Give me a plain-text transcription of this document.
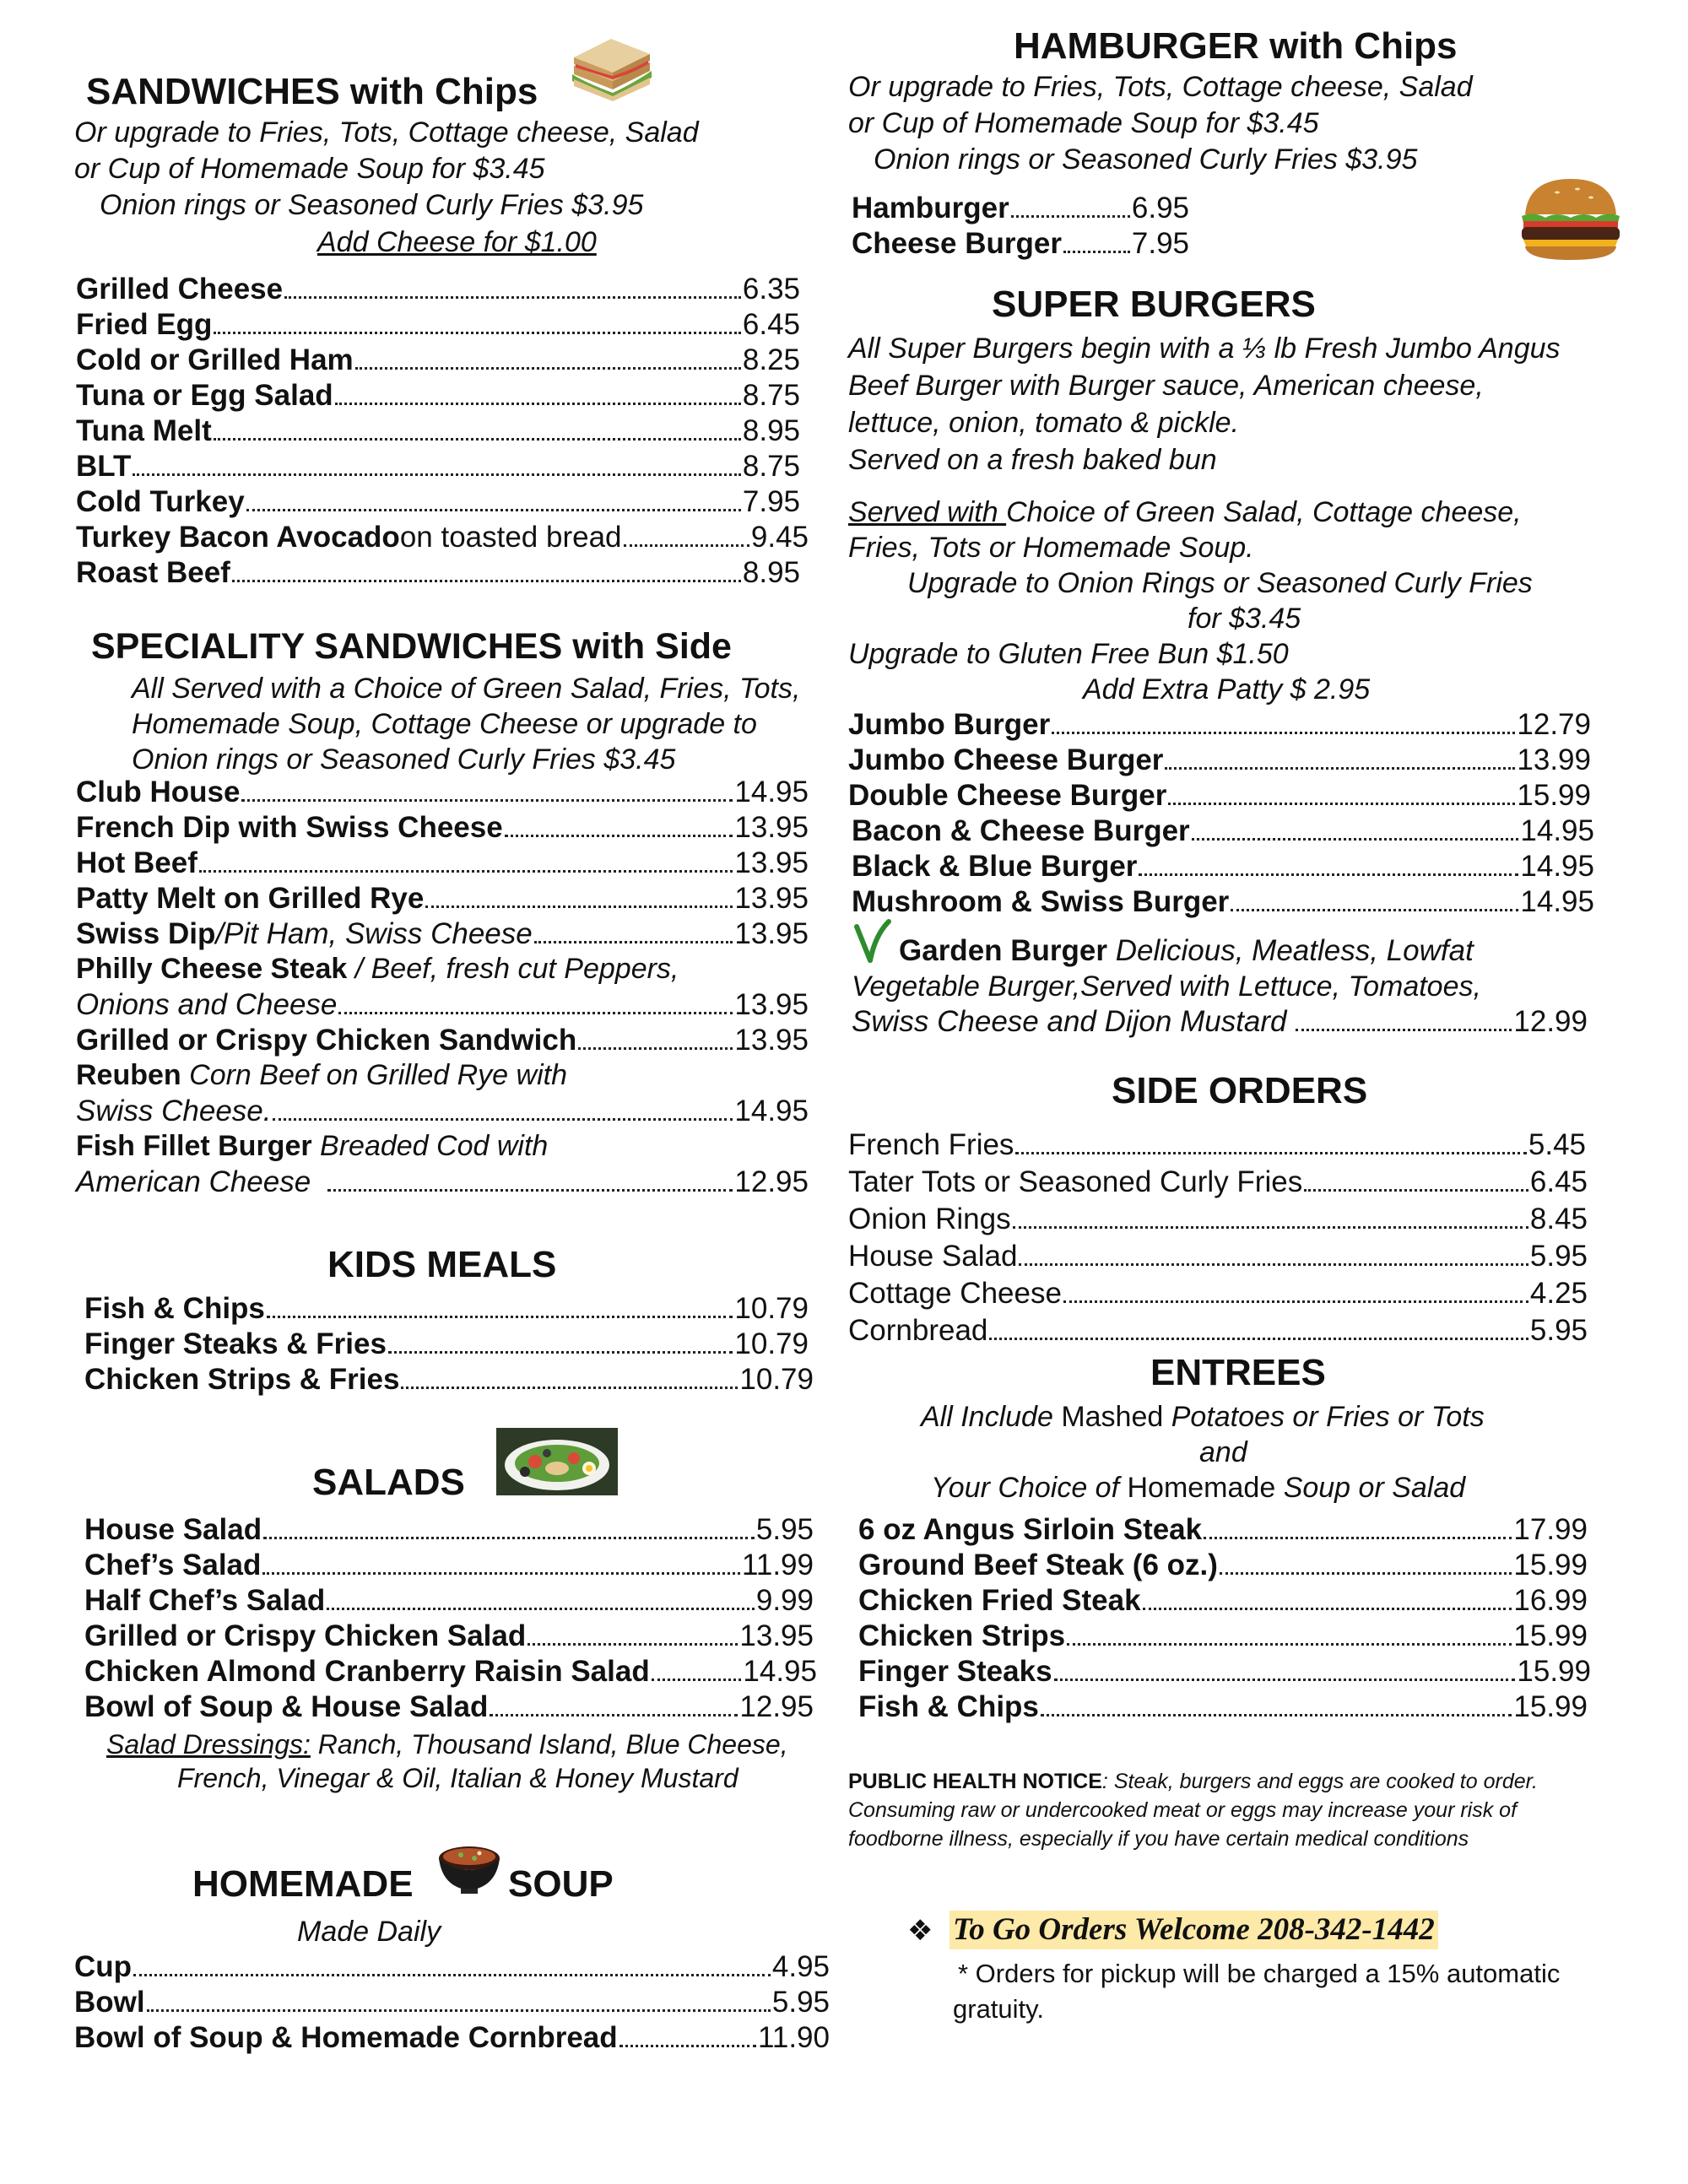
SANDWICHES with Chips
Or upgrade to Fries, Tots, Cottage cheese, Salad
or Cup of Homemade Soup for $3.45
Onion rings or Seasoned Curly Fries $3.95
Add Cheese for $1.00
Grilled Cheese	6.35
Fried Egg	6.45
Cold or Grilled Ham	8.25
Tuna or Egg Salad	8.75
Tuna Melt	8.95
BLT	8.75
Cold Turkey	7.95
Turkey Bacon Avocado on toasted bread	9.45
Roast Beef	8.95
SPECIALITY SANDWICHES with Side
All Served with a Choice of Green Salad, Fries, Tots,
Homemade Soup, Cottage Cheese or upgrade to
Onion rings or Seasoned Curly Fries $3.45
Club House	14.95
French Dip with Swiss Cheese	13.95
Hot Beef	13.95
Patty Melt on Grilled Rye	13.95
Swiss Dip /Pit Ham, Swiss Cheese	13.95
Philly Cheese Steak / Beef, fresh cut Peppers,
Onions and Cheese	13.95
Grilled or Crispy Chicken Sandwich	13.95
Reuben Corn Beef on Grilled Rye with
Swiss Cheese.	14.95
Fish Fillet Burger Breaded Cod with
American Cheese	12.95
KIDS MEALS
Fish & Chips	10.79
Finger Steaks & Fries	10.79
Chicken Strips & Fries	10.79
SALADS
House Salad	5.95
Chef’s Salad	11.99
Half Chef’s Salad	9.99
Grilled or Crispy Chicken Salad	13.95
Chicken Almond Cranberry Raisin Salad	14.95
Bowl of Soup & House Salad	12.95
Salad Dressings: Ranch, Thousand Island, Blue Cheese,
French, Vinegar & Oil, Italian & Honey Mustard
HOMEMADE	SOUP
Made Daily
Cup	4.95
Bowl	5.95
Bowl of Soup & Homemade Cornbread	11.90
HAMBURGER with Chips
Or upgrade to Fries, Tots, Cottage cheese, Salad
or Cup of Homemade Soup for $3.45
Onion rings or Seasoned Curly Fries $3.95
Hamburger	6.95
Cheese Burger 7.95
SUPER BURGERS
All Super Burgers begin with a ⅓ lb Fresh Jumbo Angus
Beef Burger with Burger sauce, American cheese,
lettuce, onion, tomato & pickle.
Served on a fresh baked bun
Served with Choice of Green Salad, Cottage cheese,
Fries, Tots or Homemade Soup.
Upgrade to Onion Rings or Seasoned Curly Fries
for $3.45
Upgrade to Gluten Free Bun $1.50
Add Extra Patty $ 2.95
Jumbo Burger	12.79
Jumbo Cheese Burger	13.99
Double Cheese Burger	15.99
Bacon & Cheese Burger	14.95
Black & Blue Burger	14.95
Mushroom & Swiss Burger	14.95
Garden Burger Delicious, Meatless, Lowfat
Vegetable Burger,Served with Lettuce, Tomatoes,
Swiss Cheese and Dijon Mustard	12.99
SIDE ORDERS
French Fries	5.45
Tater Tots or Seasoned Curly Fries	6.45
Onion Rings	8.45
House Salad	5.95
Cottage Cheese	4.25
Cornbread	5.95
ENTREES
All Include Mashed Potatoes or Fries or Tots
and
Your Choice of Homemade Soup or Salad
6 oz Angus Sirloin Steak	17.99
Ground Beef Steak (6 oz.)	15.99
Chicken Fried Steak	16.99
Chicken Strips	15.99
Finger Steaks	15.99
Fish & Chips	15.99
PUBLIC HEALTH NOTICE: Steak, burgers and eggs are cooked to order.
Consuming raw or undercooked meat or eggs may increase your risk of
foodborne illness, especially if you have certain medical conditions
❖ To Go Orders Welcome 208-342-1442
* Orders for pickup will be charged a 15% automatic
gratuity.
